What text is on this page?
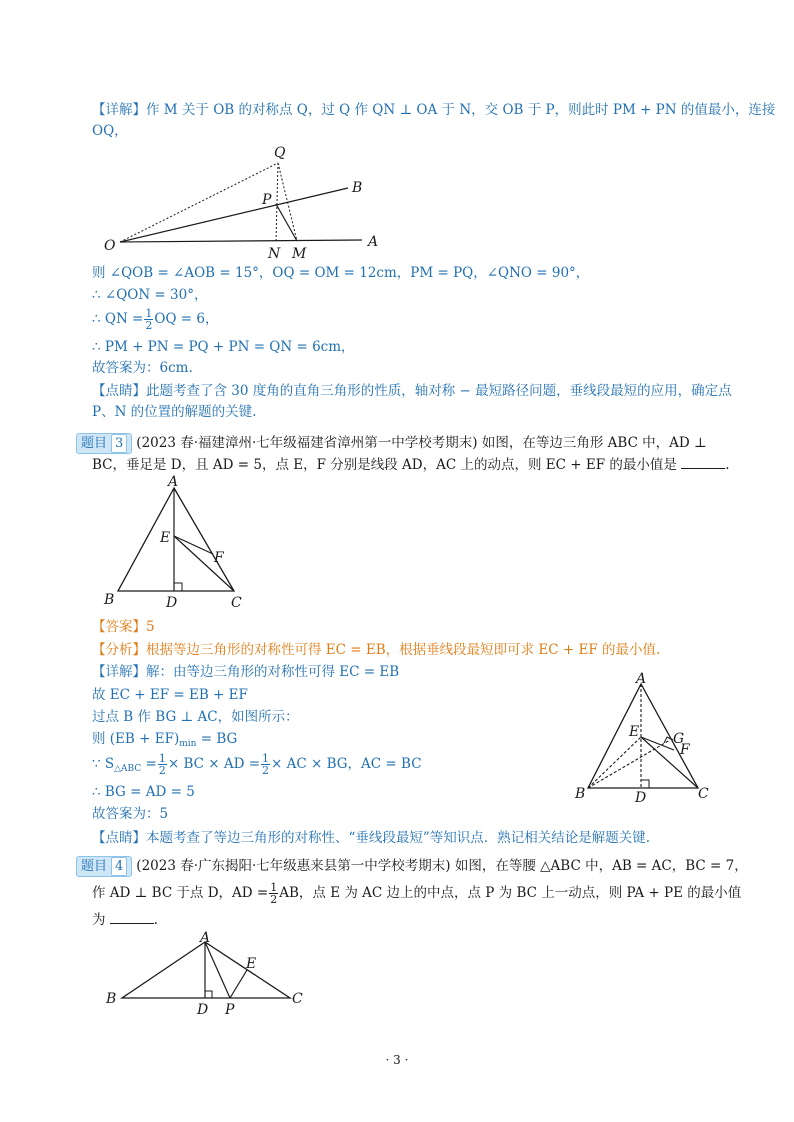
【详解】作 M 关于 OB 的对称点 Q，过 Q 作 QN ⊥ OA 于 N，交 OB 于 P，则此时 PM + PN 的值最小，连接
OQ，
O	A
B
Q
P
N M
则 ∠QOB = ∠AOB = 15°，OQ = OM = 12cm，PM = PQ，∠QNO = 90°，
∴ ∠QON = 30°，
∴ QN = $\frac{1}{2}$ OQ = 6，
∴ PM + PN = PQ + PN = QN = 6cm，
故答案为：6cm.
【点睛】此题考查了含 30 度角的直角三角形的性质，轴对称 − 最短路径问题，垂线段最短的应用，确定点
P、N 的位置的解题的关键.
题目 3 (2023 春·福建漳州·七年级福建省漳州第一中学校考期末) 如图，在等边三角形 ABC 中，AD ⊥
BC，垂足是 D，且 AD = 5，点 E，F 分别是线段 AD，AC 上的动点，则 EC + EF 的最小值是	.
A
B	C
D
E
F
【答案】5
【分析】根据等边三角形的对称性可得 EC = EB，根据垂线段最短即可求 EC + EF 的最小值.
【详解】解：由等边三角形的对称性可得 EC = EB
故 EC + EF = EB + EF
过点 B 作 BG ⊥ AC，如图所示：
则 $(EB + EF)_{min}$ = BG
∵ $S_{\triangle ABC} = \frac{1}{2}$ × BC × AD = $\frac{1}{2}$ × AC × BG，AC = BC
∴ BG = AD = 5
故答案为：5
A
B	C
D
E
F
G
【点睛】本题考查了等边三角形的对称性、“垂线段最短”等知识点．熟记相关结论是解题关键.
题目 4 (2023 春·广东揭阳·七年级惠来县第一中学校考期末) 如图，在等腰 △ABC 中，AB = AC，BC = 7，
作 AD ⊥ BC 于点 D，AD = $\frac{1}{2}$ AB，点 E 为 AC 边上的中点，点 P 为 BC 上一动点，则 PA + PE 的最小值
为	.
A
B	C
D P
E
· 3 ·
